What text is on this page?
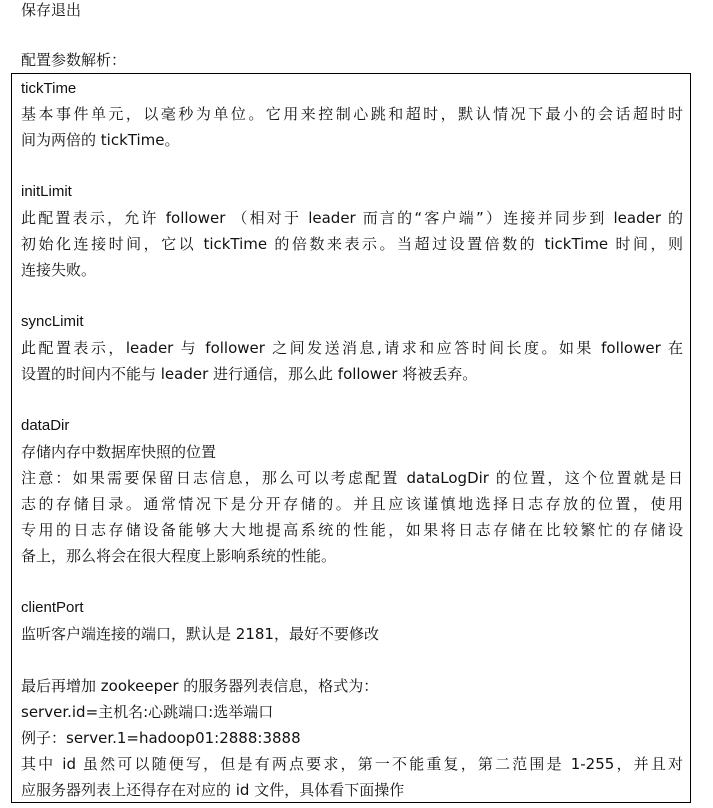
保存退出
配置参数解析：
tickTime
基本事件单元，以毫秒为单位。它用来控制心跳和超时，默认情况下最小的会话超时时
间为两倍的 tickTime。
initLimit
此配置表示，允许 follower （相对于 leader 而言的“客户端”）连接并同步到 leader 的
初始化连接时间，它以 tickTime 的倍数来表示。当超过设置倍数的 tickTime 时间，则
连接失败。
syncLimit
此配置表示，leader 与 follower 之间发送消息,请求和应答时间长度。如果 follower 在
设置的时间内不能与 leader 进行通信，那么此 follower 将被丢弃。
dataDir
存储内存中数据库快照的位置
注意：如果需要保留日志信息，那么可以考虑配置 dataLogDir 的位置，这个位置就是日
志的存储目录。通常情况下是分开存储的。并且应该谨慎地选择日志存放的位置，使用
专用的日志存储设备能够大大地提高系统的性能，如果将日志存储在比较繁忙的存储设
备上，那么将会在很大程度上影响系统的性能。
clientPort
监听客户端连接的端口，默认是 2181，最好不要修改
最后再增加 zookeeper 的服务器列表信息，格式为：
server.id=主机名:心跳端口:选举端口
例子：server.1=hadoop01:2888:3888
其中 id 虽然可以随便写，但是有两点要求，第一不能重复，第二范围是 1-255，并且对
应服务器列表上还得存在对应的 id 文件，具体看下面操作
